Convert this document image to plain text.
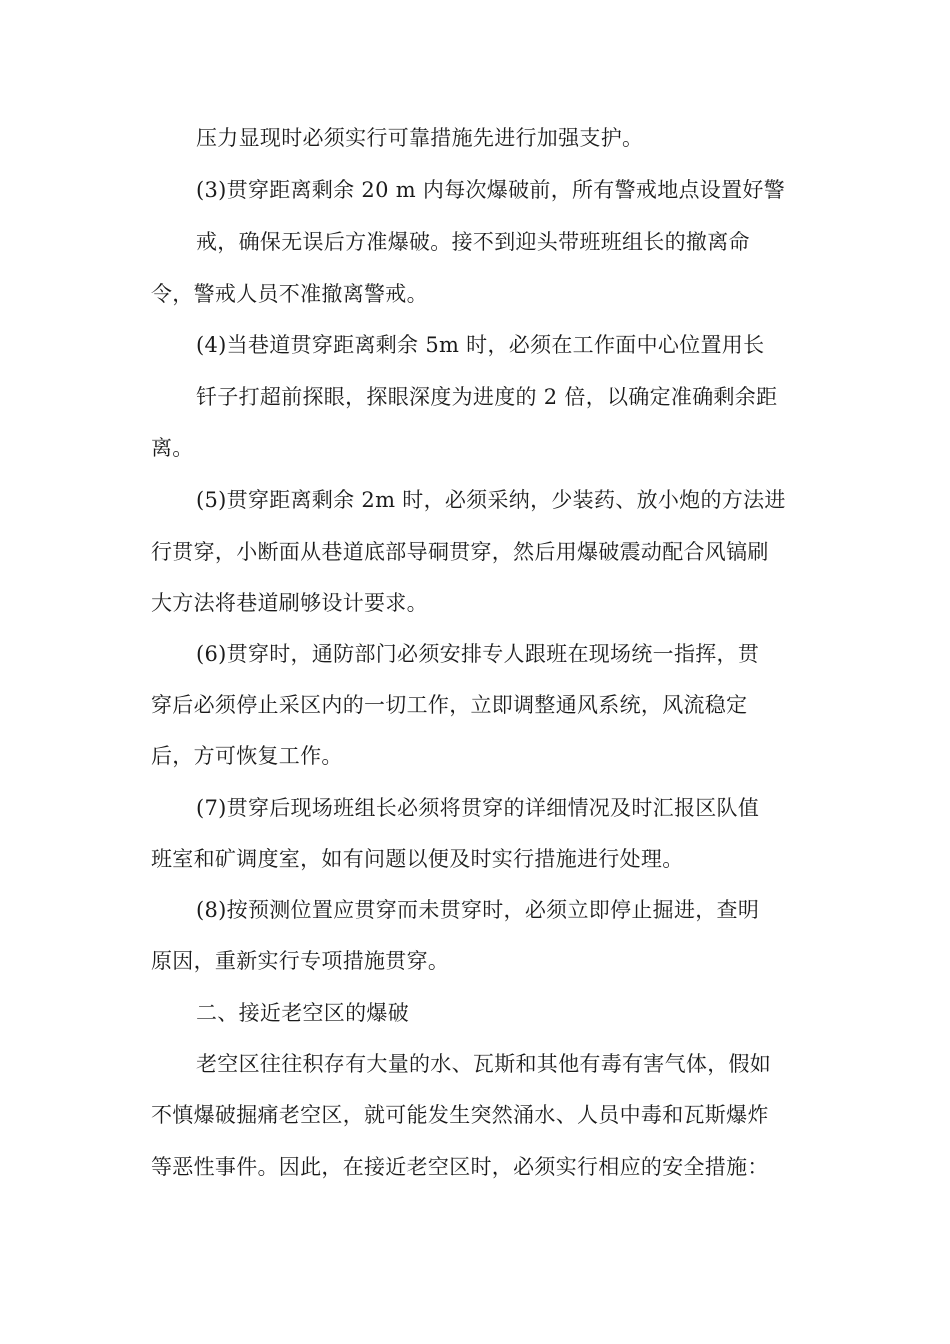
压力显现时必须实行可靠措施先进行加强支护。
(3)贯穿距离剩余 20 m 内每次爆破前，所有警戒地点设置好警
戒，确保无误后方准爆破。接不到迎头带班班组长的撤离命
令，警戒人员不准撤离警戒。
(4)当巷道贯穿距离剩余 5m 时，必须在工作面中心位置用长
钎子打超前探眼，探眼深度为进度的 2 倍，以确定准确剩余距
离。
(5)贯穿距离剩余 2m 时，必须采纳，少装药、放小炮的方法进
行贯穿，小断面从巷道底部导硐贯穿，然后用爆破震动配合风镐刷
大方法将巷道刷够设计要求。
(6)贯穿时，通防部门必须安排专人跟班在现场统一指挥，贯
穿后必须停止采区内的一切工作，立即调整通风系统，风流稳定
后，方可恢复工作。
(7)贯穿后现场班组长必须将贯穿的详细情况及时汇报区队值
班室和矿调度室，如有问题以便及时实行措施进行处理。
(8)按预测位置应贯穿而未贯穿时，必须立即停止掘进，查明
原因，重新实行专项措施贯穿。
二、接近老空区的爆破
老空区往往积存有大量的水、瓦斯和其他有毒有害气体，假如
不慎爆破掘痛老空区，就可能发生突然涌水、人员中毒和瓦斯爆炸
等恶性事件。因此，在接近老空区时，必须实行相应的安全措施：
